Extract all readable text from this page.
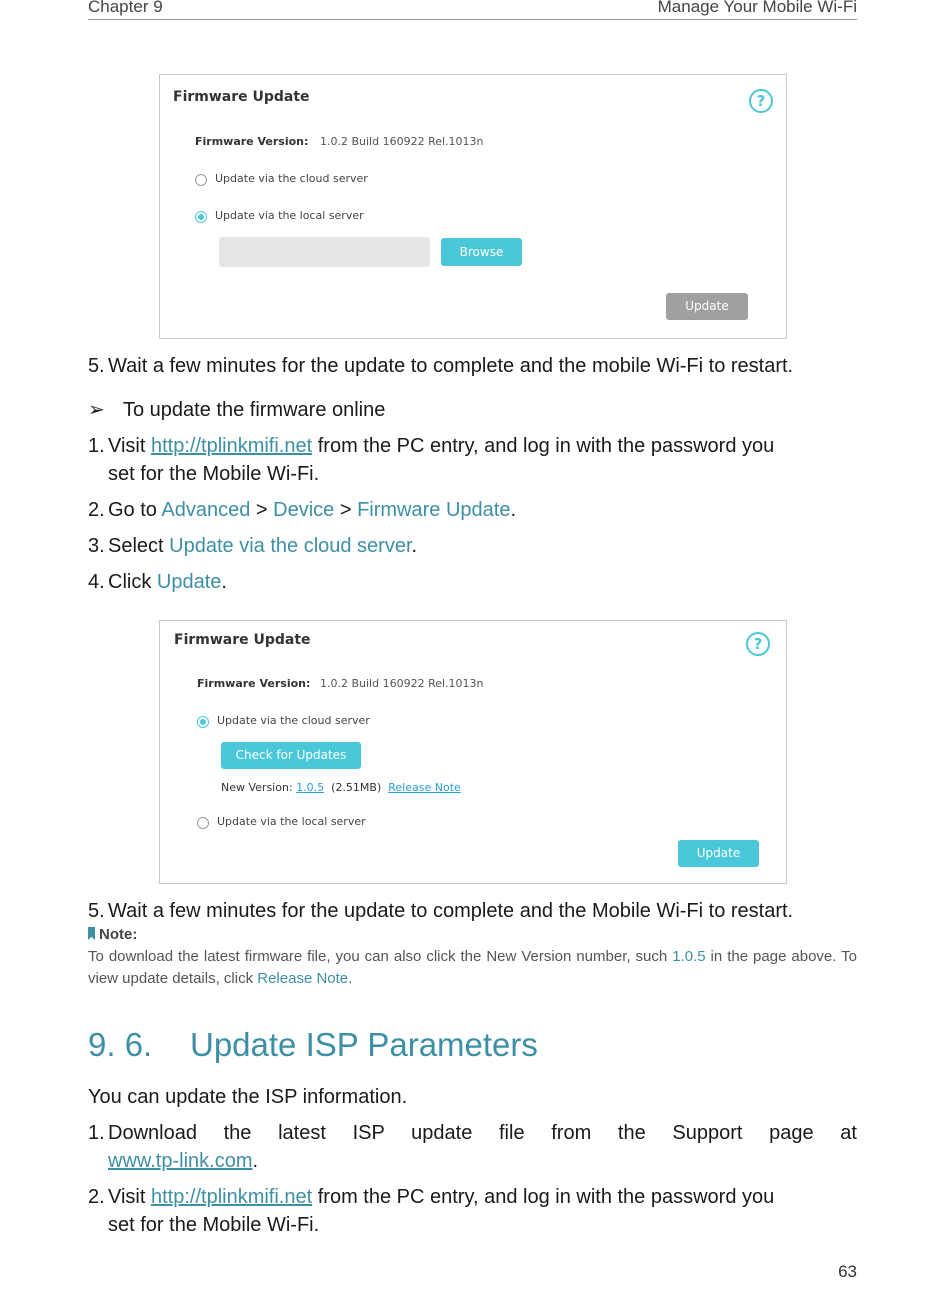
Chapter 9	Manage Your Mobile Wi-Fi
Firmware Update	?
Firmware Version: 1.0.2 Build 160922 Rel.1013n
Update via the cloud server
Update via the local server
Browse
Update
5. Wait a few minutes for the update to complete and the mobile Wi-Fi to restart.
➢ To update the firmware online
1. Visit http://tplinkmifi.net from the PC entry, and log in with the password you
set for the Mobile Wi-Fi.
2. Go to Advanced > Device > Firmware Update.
3. Select Update via the cloud server.
4. Click Update.
Firmware Update	?
Firmware Version: 1.0.2 Build 160922 Rel.1013n
Update via the cloud server
Check for Updates
New Version: 1.0.5  (2.51MB)  Release Note
Update via the local server
Update
5. Wait a few minutes for the update to complete and the Mobile Wi-Fi to restart.
Note:
To download the latest firmware file, you can also click the New Version number, such 1.0.5 in the page above. To view update details, click Release Note.
9. 6. Update ISP Parameters
You can update the ISP information.
1. Download the latest ISP update file from the Support page at
www.tp-link.com.
2. Visit http://tplinkmifi.net from the PC entry, and log in with the password you
set for the Mobile Wi-Fi.
63
